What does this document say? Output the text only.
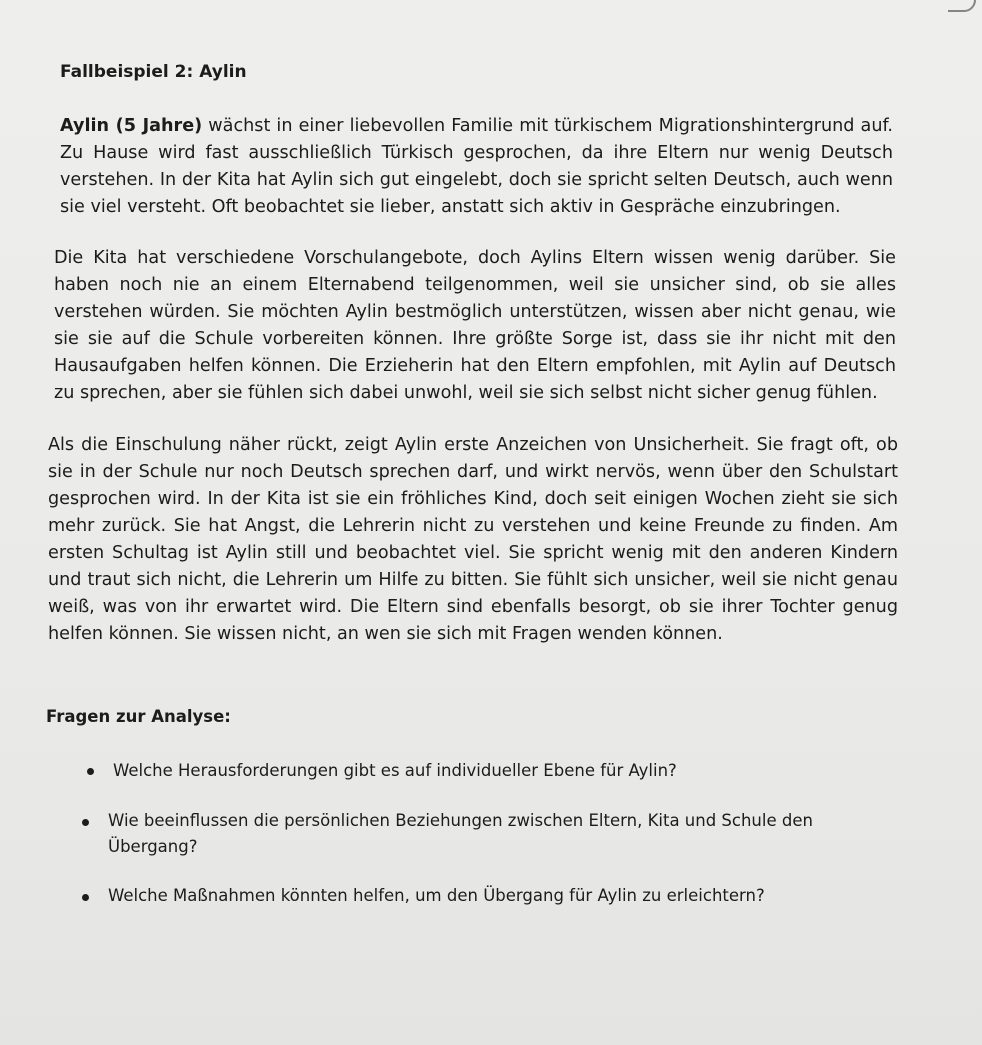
Fallbeispiel 2: Aylin

Aylin (5 Jahre) wächst in einer liebevollen Familie mit türkischem Migrationshintergrund auf. Zu Hause wird fast ausschließlich Türkisch gesprochen, da ihre Eltern nur wenig Deutsch verstehen. In der Kita hat Aylin sich gut eingelebt, doch sie spricht selten Deutsch, auch wenn sie viel versteht. Oft beobachtet sie lieber, anstatt sich aktiv in Gespräche einzubringen.

Die Kita hat verschiedene Vorschulangebote, doch Aylins Eltern wissen wenig darüber. Sie haben noch nie an einem Elternabend teilgenommen, weil sie unsicher sind, ob sie alles verstehen würden. Sie möchten Aylin bestmöglich unterstützen, wissen aber nicht genau, wie sie sie auf die Schule vorbereiten können. Ihre größte Sorge ist, dass sie ihr nicht mit den Hausaufgaben helfen können. Die Erzieherin hat den Eltern empfohlen, mit Aylin auf Deutsch zu sprechen, aber sie fühlen sich dabei unwohl, weil sie sich selbst nicht sicher genug fühlen.

Als die Einschulung näher rückt, zeigt Aylin erste Anzeichen von Unsicherheit. Sie fragt oft, ob sie in der Schule nur noch Deutsch sprechen darf, und wirkt nervös, wenn über den Schulstart gesprochen wird. In der Kita ist sie ein fröhliches Kind, doch seit einigen Wochen zieht sie sich mehr zurück. Sie hat Angst, die Lehrerin nicht zu verstehen und keine Freunde zu finden. Am ersten Schultag ist Aylin still und beobachtet viel. Sie spricht wenig mit den anderen Kindern und traut sich nicht, die Lehrerin um Hilfe zu bitten. Sie fühlt sich unsicher, weil sie nicht genau weiß, was von ihr erwartet wird. Die Eltern sind ebenfalls besorgt, ob sie ihrer Tochter genug helfen können. Sie wissen nicht, an wen sie sich mit Fragen wenden können.

Fragen zur Analyse:
Welche Herausforderungen gibt es auf individueller Ebene für Aylin?
Wie beeinflussen die persönlichen Beziehungen zwischen Eltern, Kita und Schule den Übergang?
Welche Maßnahmen könnten helfen, um den Übergang für Aylin zu erleichtern?
